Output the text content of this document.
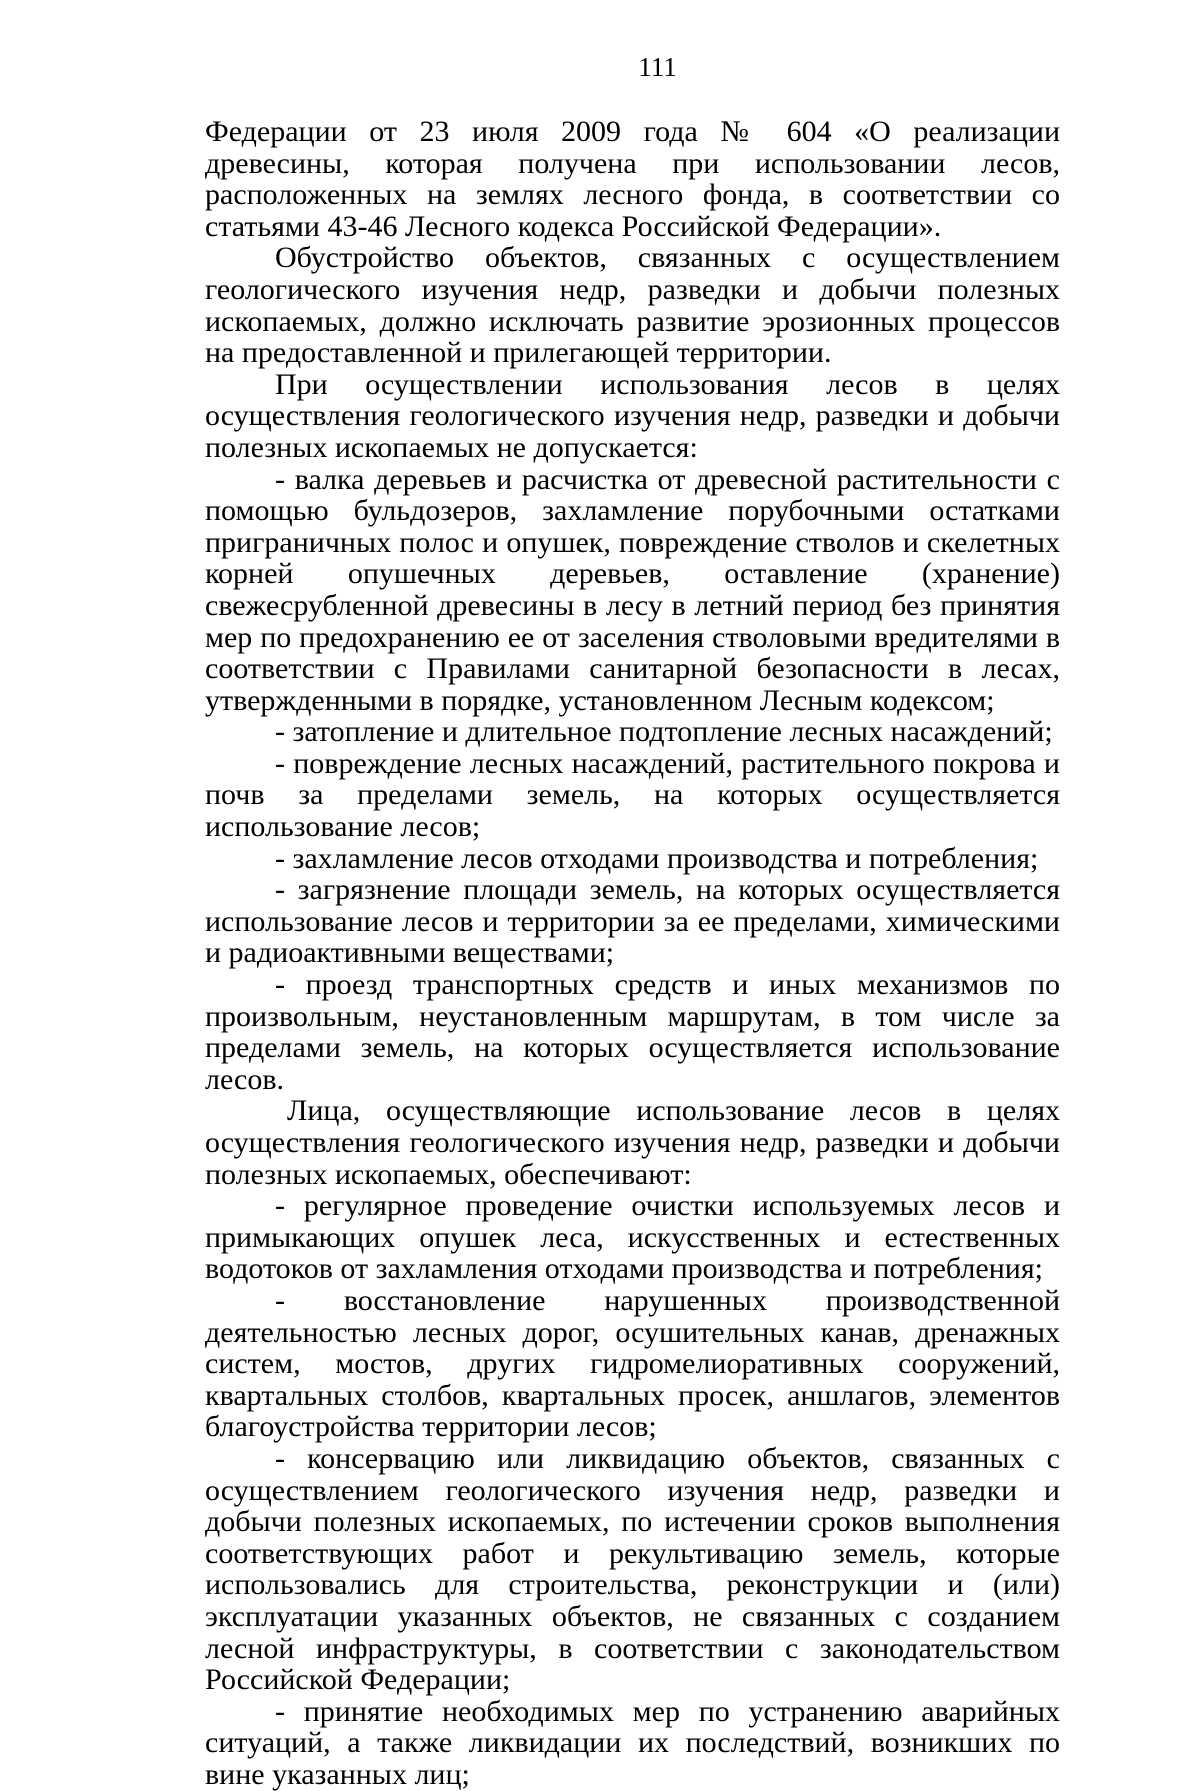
111

Федерации от 23 июля 2009 года № 604 «О реализации древесины, которая получена при использовании лесов, расположенных на землях лесного фонда, в соответствии со статьями 43-46 Лесного кодекса Российской Федерации».

Обустройство объектов, связанных с осуществлением геологического изучения недр, разведки и добычи полезных ископаемых, должно исключать развитие эрозионных процессов на предоставленной и прилегающей территории.

При осуществлении использования лесов в целях осуществления геологического изучения недр, разведки и добычи полезных ископаемых не допускается:

- валка деревьев и расчистка от древесной растительности с помощью бульдозеров, захламление порубочными остатками приграничных полос и опушек, повреждение стволов и скелетных корней опушечных деревьев, оставление (хранение) свежесрубленной древесины в лесу в летний период без принятия мер по предохранению ее от заселения стволовыми вредителями в соответствии с Правилами санитарной безопасности в лесах, утвержденными в порядке, установленном Лесным кодексом;

- затопление и длительное подтопление лесных насаждений;

- повреждение лесных насаждений, растительного покрова и почв за пределами земель, на которых осуществляется использование лесов;

- захламление лесов отходами производства и потребления;

- загрязнение площади земель, на которых осуществляется использование лесов и территории за ее пределами, химическими и радиоактивными веществами;

- проезд транспортных средств и иных механизмов по произвольным, неустановленным маршрутам, в том числе за пределами земель, на которых осуществляется использование лесов.

Лица, осуществляющие использование лесов в целях осуществления геологического изучения недр, разведки и добычи полезных ископаемых, обеспечивают:

- регулярное проведение очистки используемых лесов и примыкающих опушек леса, искусственных и естественных водотоков от захламления отходами производства и потребления;

- восстановление нарушенных производственной деятельностью лесных дорог, осушительных канав, дренажных систем, мостов, других гидромелиоративных сооружений, квартальных столбов, квартальных просек, аншлагов, элементов благоустройства территории лесов;

- консервацию или ликвидацию объектов, связанных с осуществлением геологического изучения недр, разведки и добычи полезных ископаемых, по истечении сроков выполнения соответствующих работ и рекультивацию земель, которые использовались для строительства, реконструкции и (или) эксплуатации указанных объектов, не связанных с созданием лесной инфраструктуры, в соответствии с законодательством Российской Федерации;

- принятие необходимых мер по устранению аварийных ситуаций, а также ликвидации их последствий, возникших по вине указанных лиц;
